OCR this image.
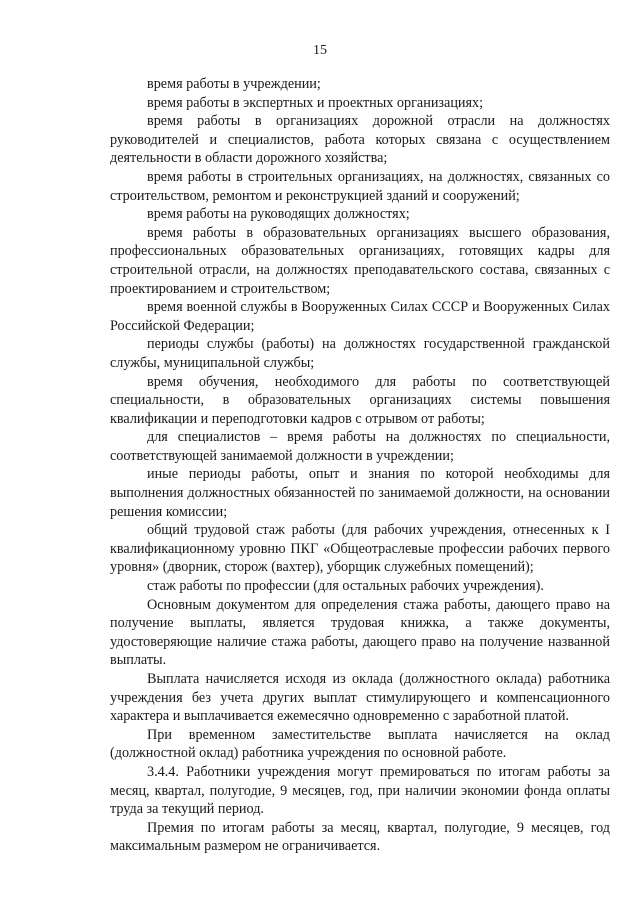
15

время работы в учреждении;

время работы в экспертных и проектных организациях;

время работы в организациях дорожной отрасли на должностях руководителей и специалистов, работа которых связана с осуществлением деятельности в области дорожного хозяйства;

время работы в строительных организациях, на должностях, связанных со строительством, ремонтом и реконструкцией зданий и сооружений;

время работы на руководящих должностях;

время работы в образовательных организациях высшего образования, профессиональных образовательных организациях, готовящих кадры для строительной отрасли, на должностях преподавательского состава, связанных с проектированием и строительством;

время военной службы в Вооруженных Силах СССР и Вооруженных Силах Российской Федерации;

периоды службы (работы) на должностях государственной гражданской службы, муниципальной службы;

время обучения, необходимого для работы по соответствующей специальности, в образовательных организациях системы повышения квалификации и переподготовки кадров с отрывом от работы;

для специалистов – время работы на должностях по специальности, соответствующей занимаемой должности в учреждении;

иные периоды работы, опыт и знания по которой необходимы для выполнения должностных обязанностей по занимаемой должности, на основании решения комиссии;

общий трудовой стаж работы (для рабочих учреждения, отнесенных к I квалификационному уровню ПКГ «Общеотраслевые профессии рабочих первого уровня» (дворник, сторож (вахтер), уборщик служебных помещений);

стаж работы по профессии (для остальных рабочих учреждения).

Основным документом для определения стажа работы, дающего право на получение выплаты, является трудовая книжка, а также документы, удостоверяющие наличие стажа работы, дающего право на получение названной выплаты.

Выплата начисляется исходя из оклада (должностного оклада) работника учреждения без учета других выплат стимулирующего и компенсационного характера и выплачивается ежемесячно одновременно с заработной платой.

При временном заместительстве выплата начисляется на оклад (должностной оклад) работника учреждения по основной работе.

3.4.4. Работники учреждения могут премироваться по итогам работы за месяц, квартал, полугодие, 9 месяцев, год, при наличии экономии фонда оплаты труда за текущий период.

Премия по итогам работы за месяц, квартал, полугодие, 9 месяцев, год максимальным размером не ограничивается.
